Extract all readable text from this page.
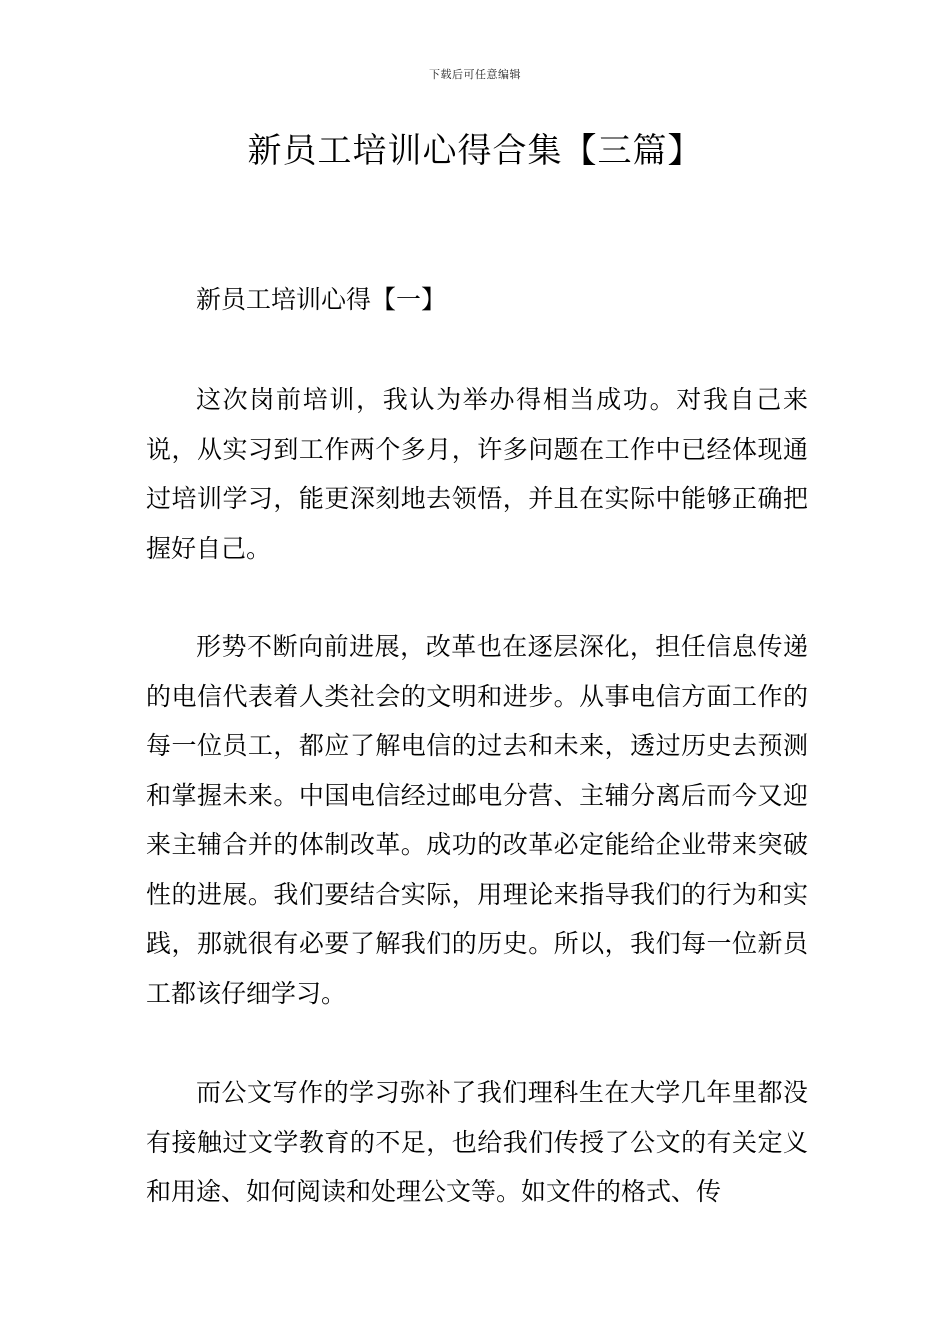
下载后可任意编辑
新员工培训心得合集【三篇】
新员工培训心得【一】

这次岗前培训，我认为举办得相当成功。对我自己来说，从实习到工作两个多月，许多问题在工作中已经体现通过培训学习，能更深刻地去领悟，并且在实际中能够正确把握好自己。

形势不断向前进展，改革也在逐层深化，担任信息传递的电信代表着人类社会的文明和进步。从事电信方面工作的每一位员工，都应了解电信的过去和未来，透过历史去预测和掌握未来。中国电信经过邮电分营、主辅分离后而今又迎来主辅合并的体制改革。成功的改革必定能给企业带来突破性的进展。我们要结合实际，用理论来指导我们的行为和实践，那就很有必要了解我们的历史。所以，我们每一位新员工都该仔细学习。

而公文写作的学习弥补了我们理科生在大学几年里都没有接触过文学教育的不足，也给我们传授了公文的有关定义和用途、如何阅读和处理公文等。如文件的格式、传
